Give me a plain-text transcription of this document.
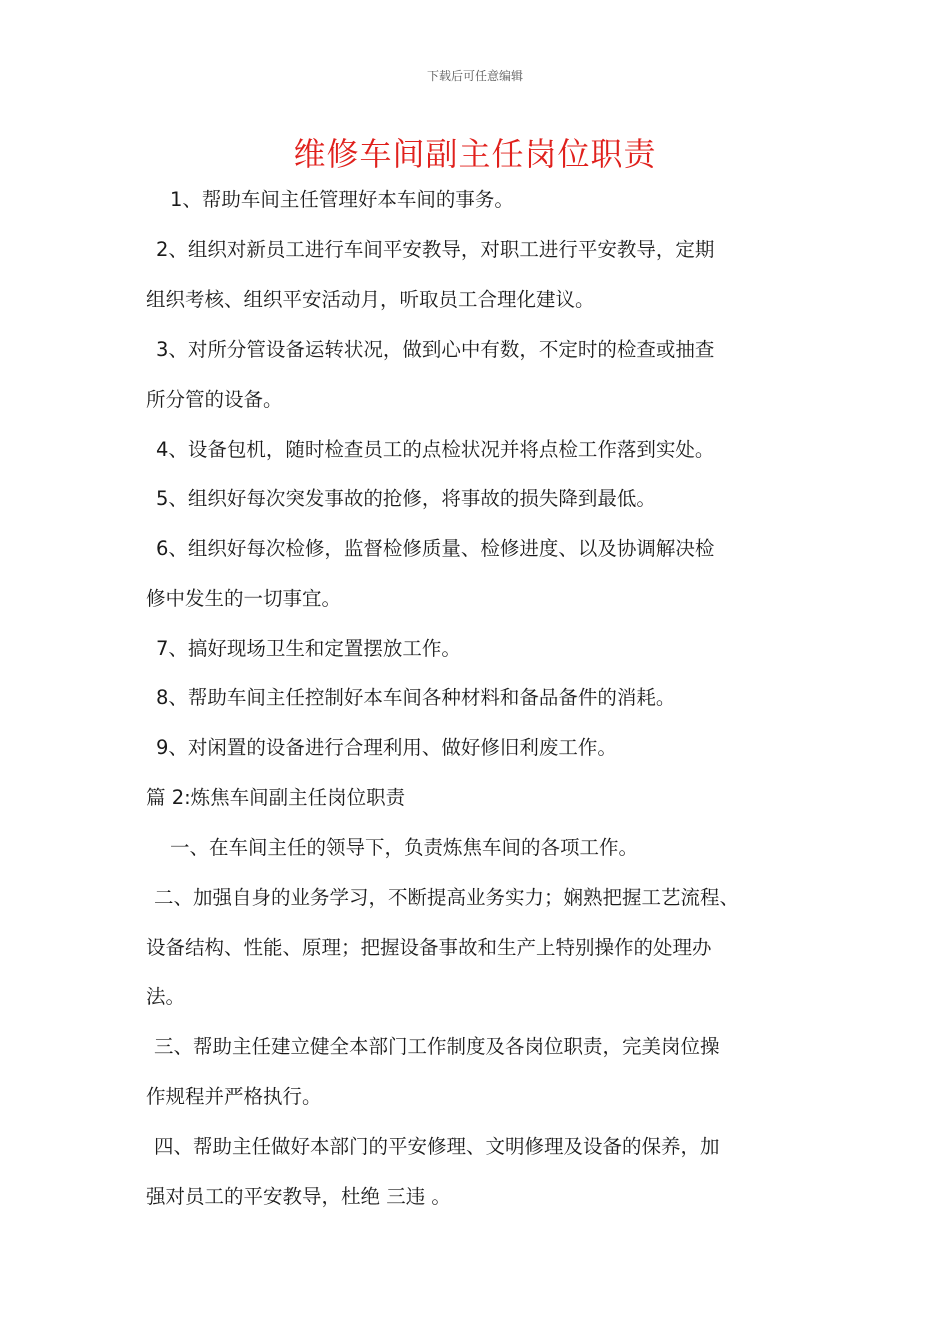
下载后可任意编辑
维修车间副主任岗位职责
1、帮助车间主任管理好本车间的事务。
2、组织对新员工进行车间平安教导，对职工进行平安教导，定期
组织考核、组织平安活动月，听取员工合理化建议。
3、对所分管设备运转状况，做到心中有数，不定时的检查或抽查
所分管的设备。
4、设备包机，随时检查员工的点检状况并将点检工作落到实处。
5、组织好每次突发事故的抢修，将事故的损失降到最低。
6、组织好每次检修，监督检修质量、检修进度、以及协调解决检
修中发生的一切事宜。
7、搞好现场卫生和定置摆放工作。
8、帮助车间主任控制好本车间各种材料和备品备件的消耗。
9、对闲置的设备进行合理利用、做好修旧利废工作。
篇 2:炼焦车间副主任岗位职责
一、在车间主任的领导下，负责炼焦车间的各项工作。
二、加强自身的业务学习，不断提高业务实力；娴熟把握工艺流程、
设备结构、性能、原理；把握设备事故和生产上特别操作的处理办
法。
三、帮助主任建立健全本部门工作制度及各岗位职责，完美岗位操
作规程并严格执行。
四、帮助主任做好本部门的平安修理、文明修理及设备的保养，加
强对员工的平安教导，杜绝 三违 。
